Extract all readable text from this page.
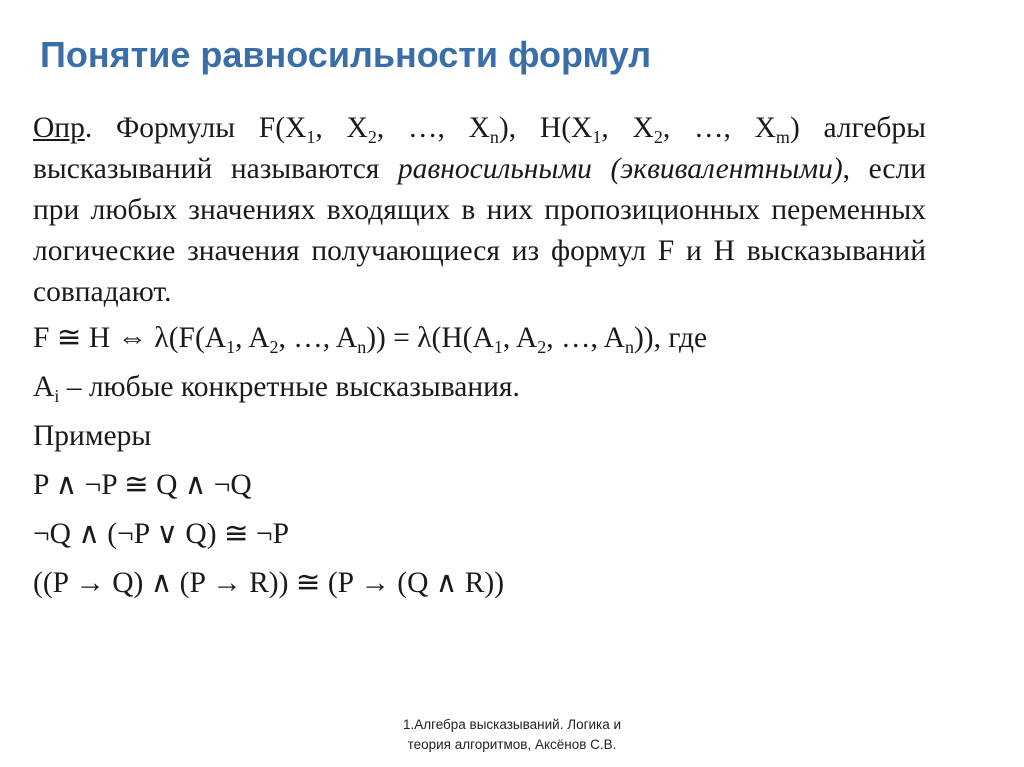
Понятие равносильности формул

Опр. Формулы $F(X_1$, $X_2$, …, $X_n$), $H(X_1$, $X_2$, …, $X_m$) алгебры высказываний называются равносильными (эквивалентными), если при любых значениях входящих в них пропозиционных переменных логические значения получающиеся из формул F и H высказываний совпадают.

F ≅ H ⇔ $\lambda(F(A_1$, $A_2$, …, $A_n)) = \lambda(H(A_1$, $A_2$, …, $A_n$)), где

$A_i$ – любые конкретные высказывания.

Примеры

P ∧ ¬P ≅ Q ∧ ¬Q

¬Q ∧ (¬P ∨ Q) ≅ ¬P

((P → Q) ∧ (P → R)) ≅ (P → (Q ∧ R))

1.Алгебра высказываний. Логика и
теория алгоритмов, Аксёнов С.В.
